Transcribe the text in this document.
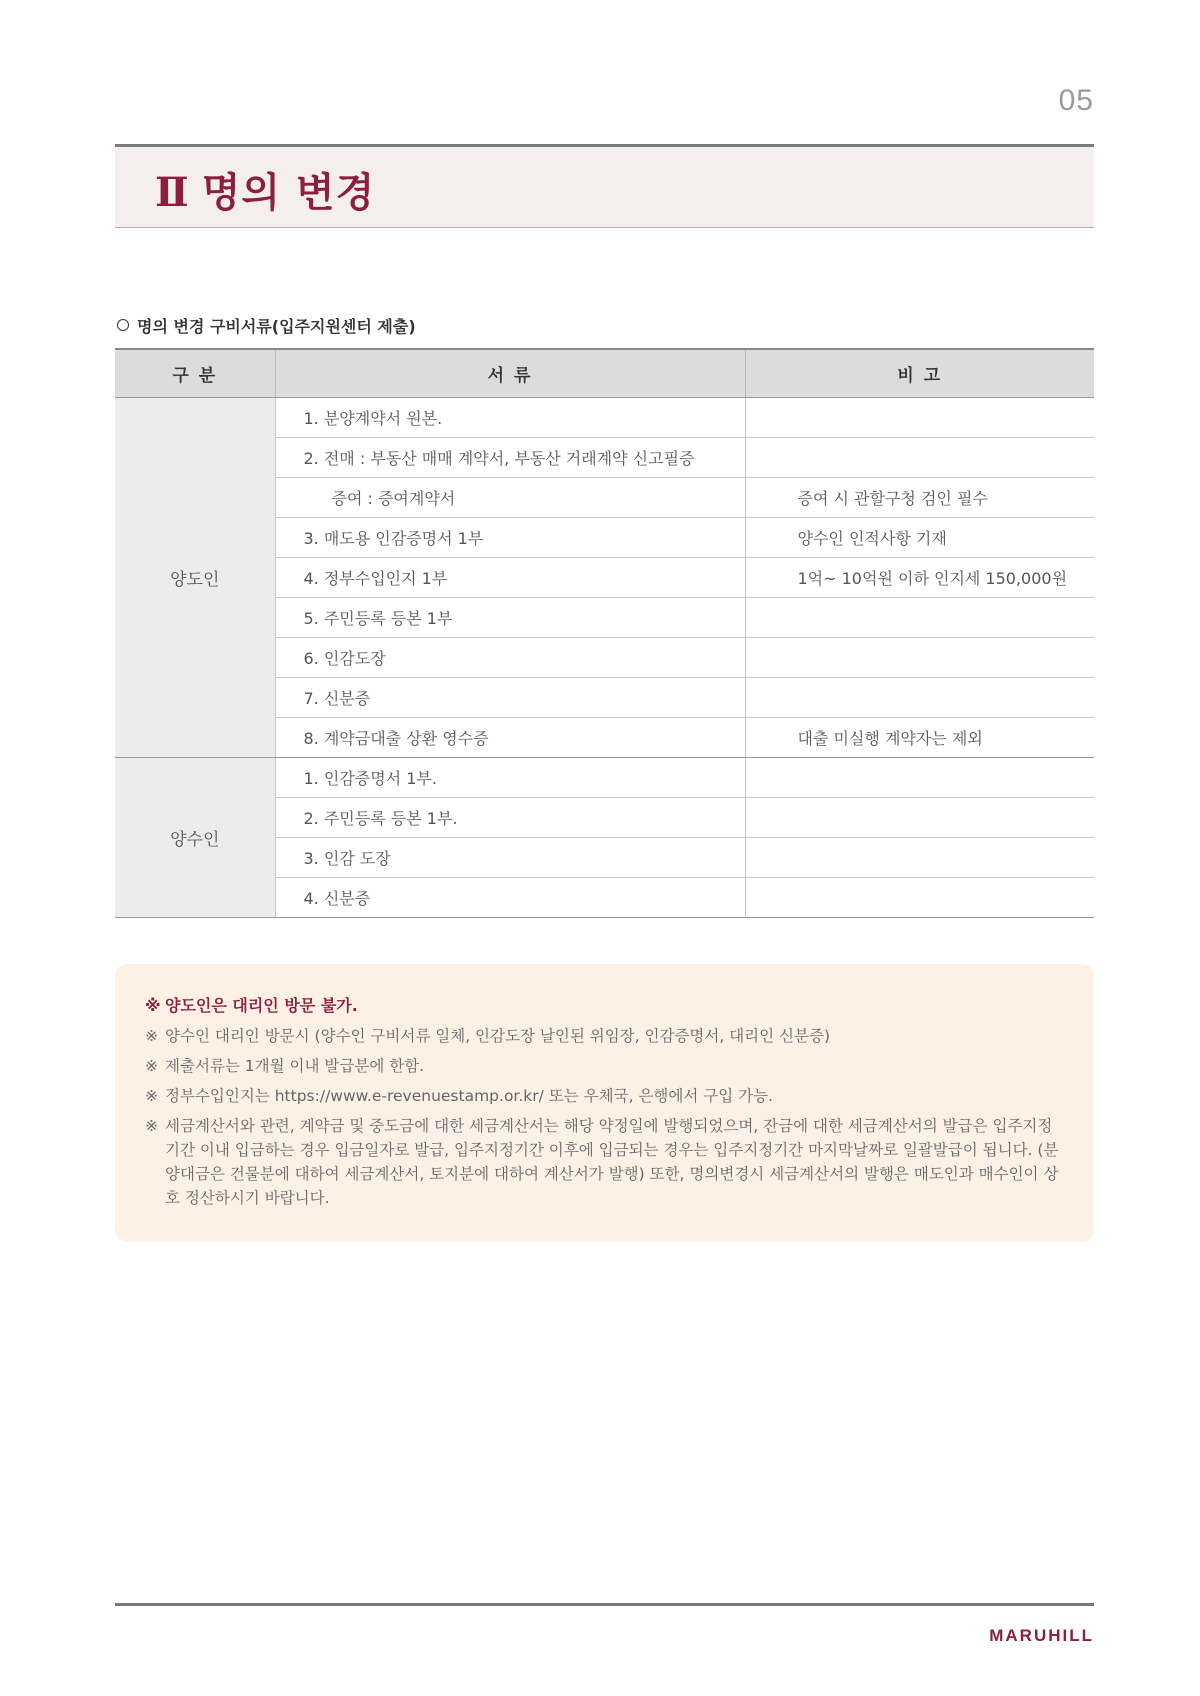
05
Ⅱ 명의 변경
명의 변경 구비서류(입주지원센터 제출)
구 분	서 류	비 고
양도인	1. 분양계약서 원본.	
	2. 전매 : 부동산 매매 계약서, 부동산 거래계약 신고필증	
	증여 : 증여계약서	증여 시 관할구청 검인 필수
	3. 매도용 인감증명서 1부	양수인 인적사항 기재
	4. 정부수입인지 1부	1억~ 10억원 이하 인지세 150,000원
	5. 주민등록 등본 1부	
	6. 인감도장	
	7. 신분증	
	8. 계약금대출 상환 영수증	대출 미실행 계약자는 제외
양수인	1. 인감증명서 1부.	
	2. 주민등록 등본 1부.	
	3. 인감 도장	
	4. 신분증	
※ 양도인은 대리인 방문 불가.
※ 양수인 대리인 방문시 (양수인 구비서류 일체, 인감도장 날인된 위임장, 인감증명서, 대리인 신분증)
※ 제출서류는 1개월 이내 발급분에 한함.
※ 정부수입인지는 https://www.e-revenuestamp.or.kr/ 또는 우체국, 은행에서 구입 가능.
※ 세금계산서와 관련, 계약금 및 중도금에 대한 세금계산서는 해당 약정일에 발행되었으며, 잔금에 대한 세금계산서의 발급은 입주지정기간 이내 입금하는 경우 입금일자로 발급, 입주지정기간 이후에 입금되는 경우는 입주지정기간 마지막날짜로 일괄발급이 됩니다. (분양대금은 건물분에 대하여 세금계산서, 토지분에 대하여 계산서가 발행) 또한, 명의변경시 세금계산서의 발행은 매도인과 매수인이 상호 정산하시기 바랍니다.
MARUHILL
